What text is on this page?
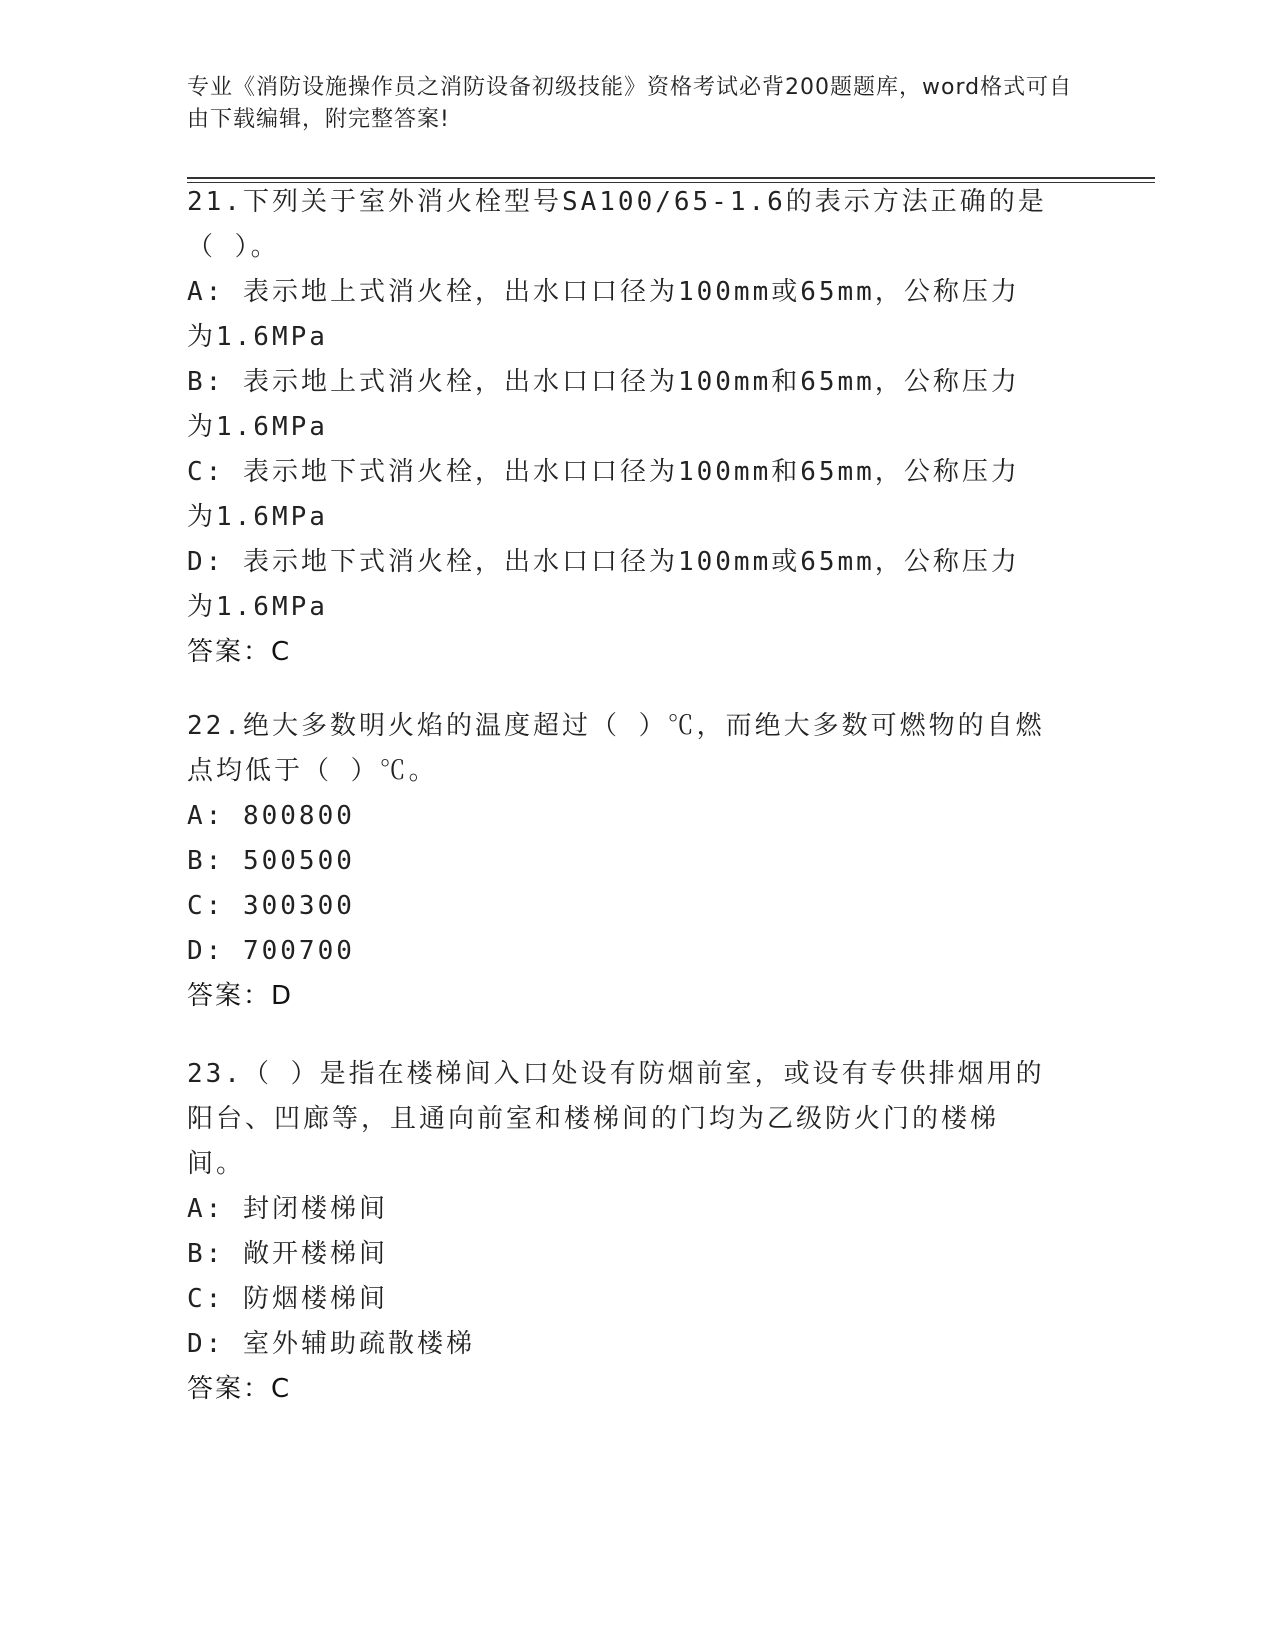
专业《消防设施操作员之消防设备初级技能》资格考试必背200题题库，word格式可自由下载编辑，附完整答案!

21.下列关于室外消火栓型号SA100/65-1.6的表示方法正确的是（ ）。

A: 表示地上式消火栓，出水口口径为100mm或65mm，公称压力为1.6MPa

B: 表示地上式消火栓，出水口口径为100mm和65mm，公称压力为1.6MPa

C: 表示地下式消火栓，出水口口径为100mm和65mm，公称压力为1.6MPa

D: 表示地下式消火栓，出水口口径为100mm或65mm，公称压力为1.6MPa

答案：C

22.绝大多数明火焰的温度超过（ ）℃，而绝大多数可燃物的自燃点均低于（ ）℃。

A: 800800

B: 500500

C: 300300

D: 700700

答案：D

23.（ ）是指在楼梯间入口处设有防烟前室，或设有专供排烟用的阳台、凹廊等，且通向前室和楼梯间的门均为乙级防火门的楼梯间。

A: 封闭楼梯间

B: 敞开楼梯间

C: 防烟楼梯间

D: 室外辅助疏散楼梯

答案：C
